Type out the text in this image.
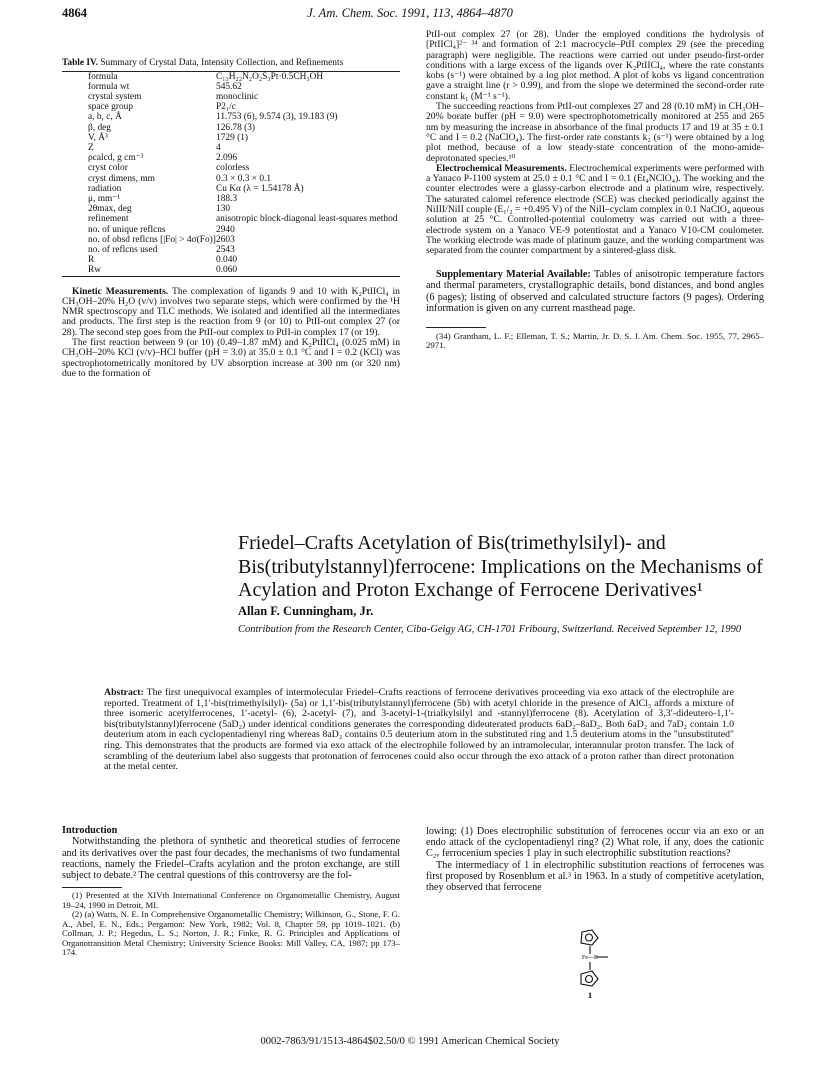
4864	J. Am. Chem. Soc. 1991, 113, 4864–4870
Table IV. Summary of Crystal Data, Intensity Collection, and Refinements
formula	C₁₃H₂₂N₂O₂S₃Pt·0.5CH₃OH
formula wt	545.62
crystal system	monoclinic
space group	P2₁/c
a, b, c, Å	11.753 (6), 9.574 (3), 19.183 (9)
β, deg	126.78 (3)
V, Å³	1729 (1)
Z	4
ρcalcd, g cm⁻³	2.096
cryst color	colorless
cryst dimens, mm	0.3 × 0.3 × 0.1
radiation	Cu Kα (λ = 1.54178 Å)
μ, mm⁻¹	188.3
2θmax, deg	130
refinement	anisotropic block-diagonal least-squares method
no. of unique reflcns	2940
no. of obsd reflcns [|Fo| > 4σ(Fo)]	2603
no. of reflcns used	2543
R	0.040
Rw	0.060

Kinetic Measurements. The complexation of ligands 9 and 10 with K₂PtIICl₄ in CH₃OH–20% H₂O (v/v) involves two separate steps, which were confirmed by the ¹H NMR spectroscopy and TLC methods. We isolated and identified all the intermediates and products. The first step is the reaction from 9 (or 10) to PtII-out complex 27 (or 28). The second step goes from the PtII-out complex to PtII-in complex 17 (or 19).

The first reaction between 9 (or 10) (0.49–1.87 mM) and K₂PtIICl₄ (0.025 mM) in CH₃OH–20% KCl (v/v)–HCl buffer (pH = 3.0) at 35.0 ± 0.1 °C and I = 0.2 (KCl) was spectrophotometrically monitored by UV absorption increase at 300 nm (or 320 nm) due to the formation of

PtII-out complex 27 (or 28). Under the employed conditions the hydrolysis of [PtIICl₄]²⁻ ³⁴ and formation of 2:1 macrocycle–PtII complex 29 (see the preceding paragraph) were negligible. The reactions were carried out under pseudo-first-order conditions with a large excess of the ligands over K₂PtIICl₄, where the rate constants kobs (s⁻¹) were obtained by a log plot method. A plot of kobs vs ligand concentration gave a straight line (r > 0.99), and from the slope we determined the second-order rate constant k₁ (M⁻¹ s⁻¹).

The succeeding reactions from PtII-out complexes 27 and 28 (0.10 mM) in CH₃OH–20% borate buffer (pH = 9.0) were spectrophotometrically monitored at 255 and 265 nm by measuring the increase in absorbance of the final products 17 and 19 at 35 ± 0.1 °C and I = 0.2 (NaClO₄). The first-order rate constants k₂ (s⁻¹) were obtained by a log plot method, because of a low steady-state concentration of the mono-amide-deprotonated species.¹⁰

Electrochemical Measurements. Electrochemical experiments were performed with a Yanaco P-1100 system at 25.0 ± 0.1 °C and I = 0.1 (Et₄NClO₄). The working and the counter electrodes were a glassy-carbon electrode and a platinum wire, respectively. The saturated calomel reference electrode (SCE) was checked periodically against the NiIII/NiII couple (E₁/₂ = +0.495 V) of the NiII–cyclam complex in 0.1 NaClO₄ aqueous solution at 25 °C. Controlled-potential coulometry was carried out with a three-electrode system on a Yanaco VE-9 potentiostat and a Yanaco V10-CM coulometer. The working electrode was made of platinum gauze, and the working compartment was separated from the counter compartment by a sintered-glass disk.

Supplementary Material Available: Tables of anisotropic temperature factors and thermal parameters, crystallographic details, bond distances, and bond angles (6 pages); listing of observed and calculated structure factors (9 pages). Ordering information is given on any current masthead page.

(34) Grantham, L. F.; Elleman, T. S.; Martin, Jr. D. S. J. Am. Chem. Soc. 1955, 77, 2965–2971.

Friedel–Crafts Acetylation of Bis(trimethylsilyl)- and Bis(tributylstannyl)ferrocene: Implications on the Mechanisms of Acylation and Proton Exchange of Ferrocene Derivatives¹
Allan F. Cunningham, Jr.
Contribution from the Research Center, Ciba-Geigy AG, CH-1701 Fribourg, Switzerland. Received September 12, 1990
Abstract: The first unequivocal examples of intermolecular Friedel–Crafts reactions of ferrocene derivatives proceeding via exo attack of the electrophile are reported. Treatment of 1,1′-bis(trimethylsilyl)- (5a) or 1,1′-bis(tributylstannyl)ferrocene (5b) with acetyl chloride in the presence of AlCl₃ affords a mixture of three isomeric acetylferrocenes, 1′-acetyl- (6), 2-acetyl- (7), and 3-acetyl-1-(trialkylsilyl and -stannyl)ferrocene (8). Acetylation of 3,3′-dideutero-1,1′-bis(tributylstannyl)ferrocene (5aD₂) under identical conditions generates the corresponding dideuterated products 6aD₂–8aD₂. Both 6aD₂ and 7aD₂ contain 1.0 deuterium atom in each cyclopentadienyl ring whereas 8aD₂ contains 0.5 deuterium atom in the substituted ring and 1.5 deuterium atoms in the "unsubstituted" ring. This demonstrates that the products are formed via exo attack of the electrophile followed by an intramolecular, interannular proton transfer. The lack of scrambling of the deuterium label also suggests that protonation of ferrocenes could also occur through the exo attack of a proton rather than direct protonation at the metal center.
Introduction

Notwithstanding the plethora of synthetic and theoretical studies of ferrocene and its derivatives over the past four decades, the mechanisms of two fundamental reactions, namely the Friedel–Crafts acylation and the proton exchange, are still subject to debate.² The central questions of this controversy are the fol-

(1) Presented at the XIVth International Conference on Organometallic Chemistry, August 19–24, 1990 in Detroit, MI.

(2) (a) Watts, N. E. In Comprehensive Organometallic Chemistry; Wilkinson, G., Stone, F. G. A., Abel, E. N., Eds.; Pergamon: New York, 1982; Vol. 8, Chapter 59, pp 1019–1021. (b) Collman, J. P.; Hegedus, L. S.; Norton, J. R.; Finke, R. G. Principles and Applications of Organotransition Metal Chemistry; University Science Books: Mill Valley, CA, 1987; pp 173–174.

lowing: (1) Does electrophilic substitution of ferrocenes occur via an exo or an endo attack of the cyclopentadienyl ring? (2) What role, if any, does the cationic C₂ᵥ ferrocenium species 1 play in such electrophilic substitution reactions?

The intermediacy of 1 in electrophilic substitution reactions of ferrocenes was first proposed by Rosenblum et al.³ in 1963. In a study of competitive acetylation, they observed that ferrocene

Fe—E
1
0002-7863/91/1513-4864$02.50/0 © 1991 American Chemical Society
